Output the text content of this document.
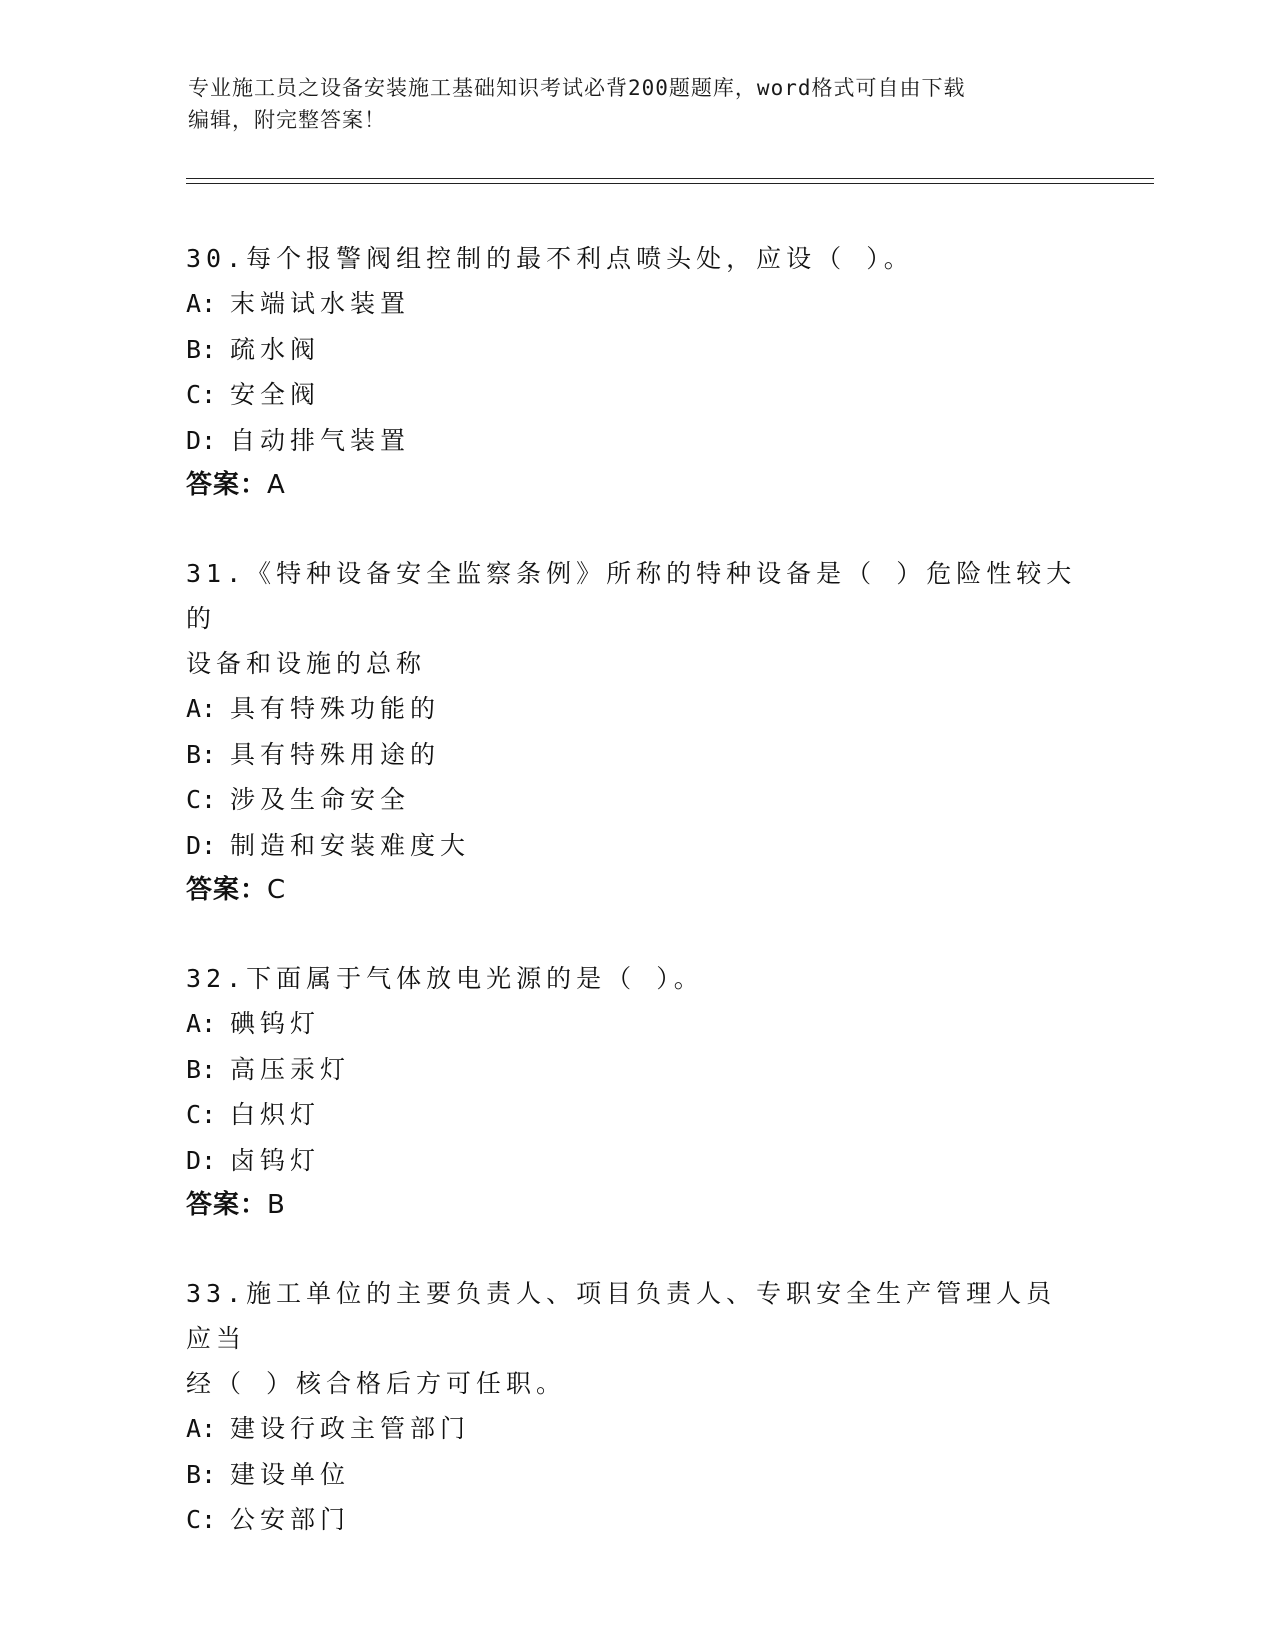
专业施工员之设备安装施工基础知识考试必背200题题库，word格式可自由下载
编辑，附完整答案！

30.每个报警阀组控制的最不利点喷头处，应设（ ）。

A: 末端试水装置

B: 疏水阀

C: 安全阀

D: 自动排气装置

答案：A

31.《特种设备安全监察条例》所称的特种设备是（ ）危险性较大的

设备和设施的总称

A: 具有特殊功能的

B: 具有特殊用途的

C: 涉及生命安全

D: 制造和安装难度大

答案：C

32.下面属于气体放电光源的是（ ）。

A: 碘钨灯

B: 高压汞灯

C: 白炽灯

D: 卤钨灯

答案：B

33.施工单位的主要负责人、项目负责人、专职安全生产管理人员应当

经（ ）核合格后方可任职。

A: 建设行政主管部门

B: 建设单位

C: 公安部门
